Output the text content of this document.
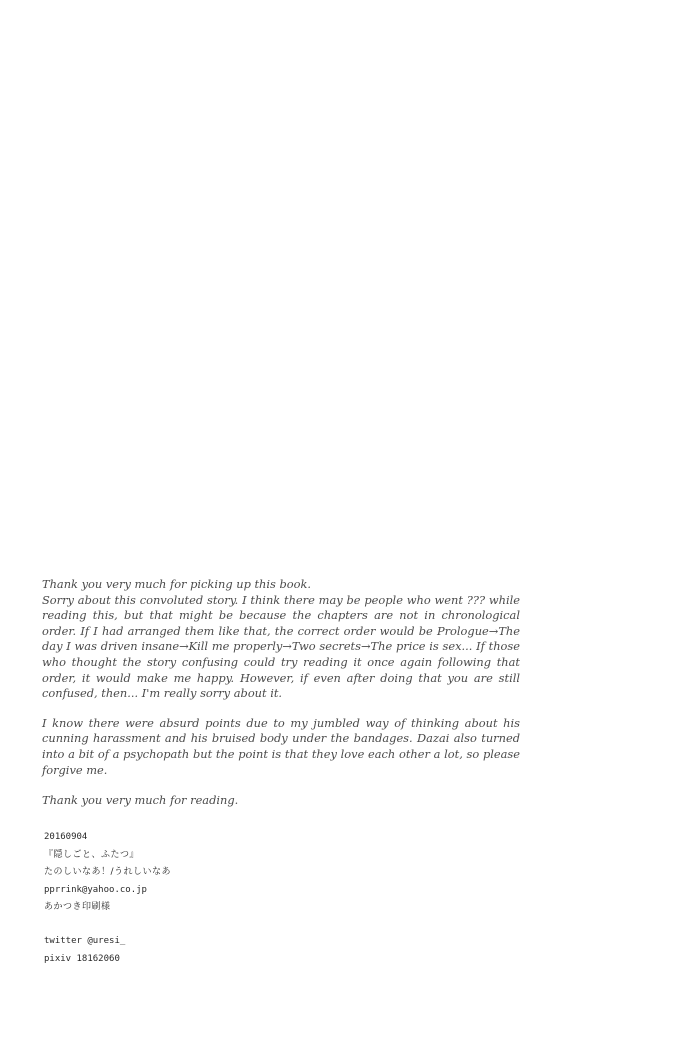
Thank you very much for picking up this book.

Sorry about this convoluted story. I think there may be people who went ??? while reading this, but that might be because the chapters are not in chronological order. If I had arranged them like that, the correct order would be Prologue→The day I was driven insane→Kill me properly→Two secrets→The price is sex... If those who thought the story confusing could try reading it once again following that order, it would make me happy. However, if even after doing that you are still confused, then... I'm really sorry about it.

I know there were absurd points due to my jumbled way of thinking about his cunning harassment and his bruised body under the bandages. Dazai also turned into a bit of a psychopath but the point is that they love each other a lot, so please forgive me.

Thank you very much for reading.

20160904
『隠しごと、ふたつ』
たのしいなあ！/うれしいなあ
pprrink@yahoo.co.jp
あかつき印刷様
twitter @uresi_
pixiv 18162060
